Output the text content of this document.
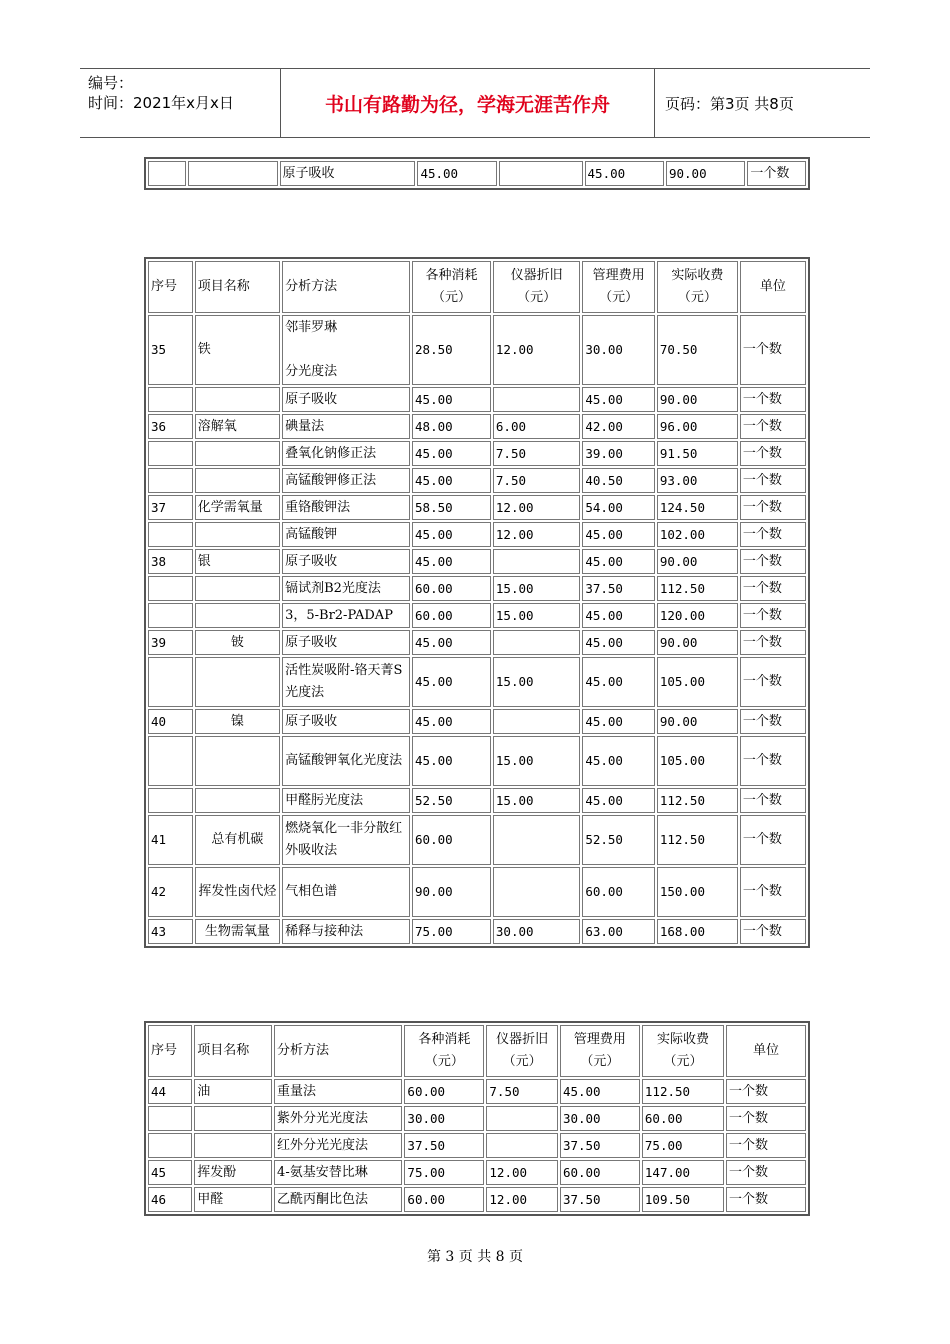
编号：
时间：2021年x月x日	书山有路勤为径，学海无涯苦作舟	页码：第3页 共8页
		原子吸收	45.00		45.00	90.00	一个数
序号	项目名称	分析方法	各种消耗
（元）	仪器折旧
（元）	管理费用
（元）	实际收费
（元）	单位
35	铁	邻菲罗琳

分光度法	28.50	12.00	30.00	70.50	一个数
		原子吸收	45.00		45.00	90.00	一个数
36	溶解氧	碘量法	48.00	6.00	42.00	96.00	一个数
		叠氧化钠修正法	45.00	7.50	39.00	91.50	一个数
		高锰酸钾修正法	45.00	7.50	40.50	93.00	一个数
37	化学需氧量	重铬酸钾法	58.50	12.00	54.00	124.50	一个数
		高锰酸钾	45.00	12.00	45.00	102.00	一个数
38	银	原子吸收	45.00		45.00	90.00	一个数
		镉试剂B2光度法	60.00	15.00	37.50	112.50	一个数
		3，5-Br2-PADAP	60.00	15.00	45.00	120.00	一个数
39	铍	原子吸收	45.00		45.00	90.00	一个数
		活性炭吸附-铬天菁S光度法	45.00	15.00	45.00	105.00	一个数
40	镍	原子吸收	45.00		45.00	90.00	一个数
		高锰酸钾氧化光度法	45.00	15.00	45.00	105.00	一个数
		甲醛肟光度法	52.50	15.00	45.00	112.50	一个数
41	总有机碳	燃烧氧化一非分散红外吸收法	60.00		52.50	112.50	一个数
42	挥发性卤代烃	气相色谱	90.00		60.00	150.00	一个数
43	生物需氧量	稀释与接种法	75.00	30.00	63.00	168.00	一个数
序号	项目名称	分析方法	各种消耗
（元）	仪器折旧
（元）	管理费用
（元）	实际收费
（元）	单位
44	油	重量法	60.00	7.50	45.00	112.50	一个数
		紫外分光光度法	30.00		30.00	60.00	一个数
		红外分光光度法	37.50		37.50	75.00	一个数
45	挥发酚	4-氨基安替比琳	75.00	12.00	60.00	147.00	一个数
46	甲醛	乙酰丙酮比色法	60.00	12.00	37.50	109.50	一个数
第 3 页 共 8 页
